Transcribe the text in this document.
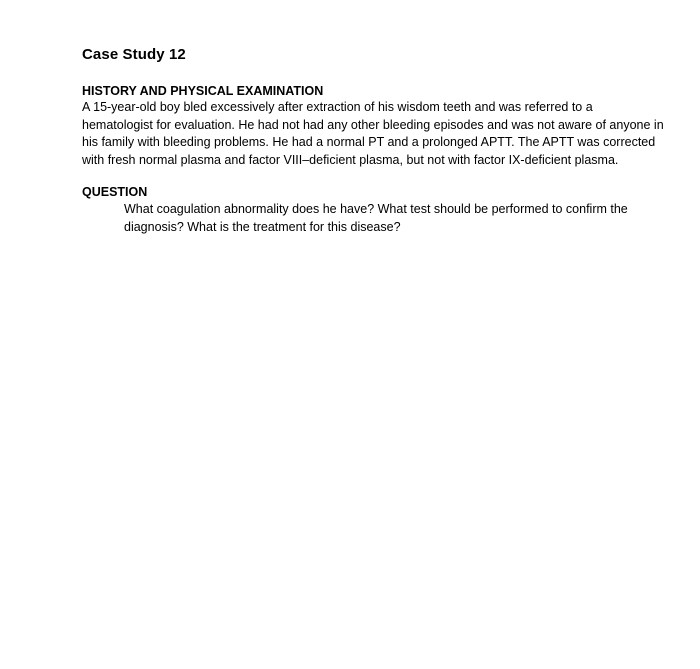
Case Study 12
HISTORY AND PHYSICAL EXAMINATION
A 15-year-old boy bled excessively after extraction of his wisdom teeth and was referred to a
hematologist for evaluation. He had not had any other bleeding episodes and was not aware of anyone in
his family with bleeding problems. He had a normal PT and a prolonged APTT. The APTT was corrected
with fresh normal plasma and factor VIII–deficient plasma, but not with factor IX-deficient plasma.
QUESTION
What coagulation abnormality does he have? What test should be performed to confirm the
diagnosis? What is the treatment for this disease?
